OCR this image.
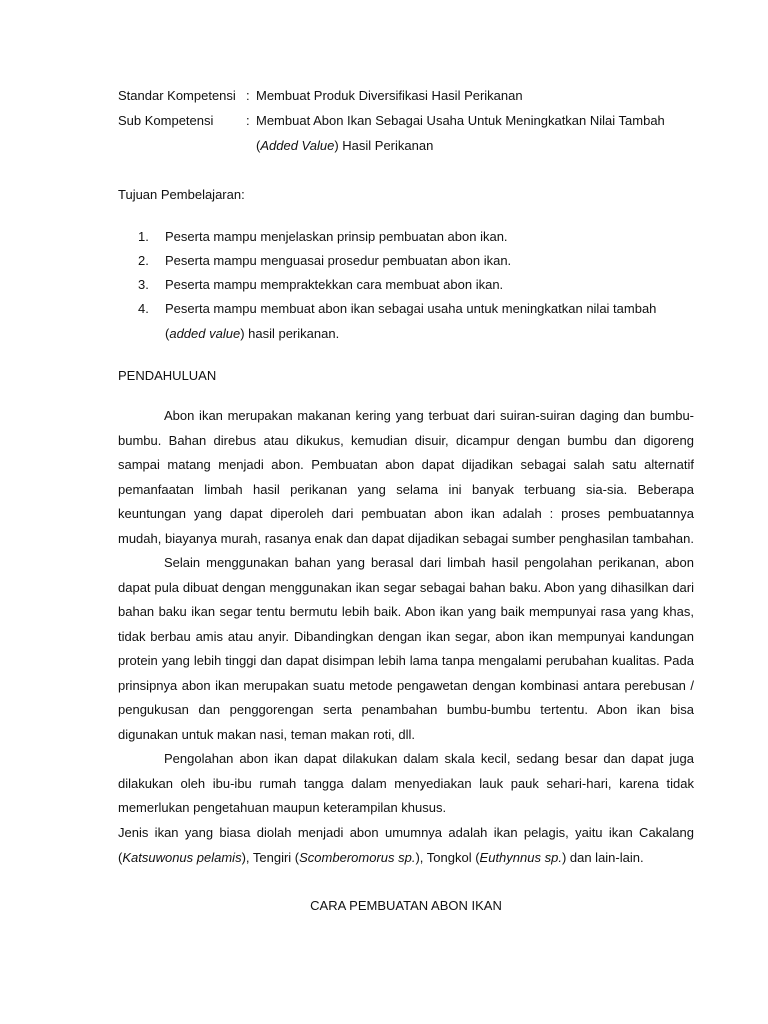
Standar Kompetensi : Membuat Produk Diversifikasi Hasil Perikanan
Sub Kompetensi	: Membuat Abon Ikan Sebagai Usaha Untuk Meningkatkan Nilai Tambah
(Added Value) Hasil Perikanan
Tujuan Pembelajaran:
1. Peserta mampu menjelaskan prinsip pembuatan abon ikan.
2. Peserta mampu menguasai prosedur pembuatan abon ikan.
3. Peserta mampu mempraktekkan cara membuat abon ikan.
4. Peserta mampu membuat abon ikan sebagai usaha untuk meningkatkan nilai tambah
(added value) hasil perikanan.
PENDAHULUAN

Abon ikan merupakan makanan kering yang terbuat dari suiran-suiran daging dan bumbu-bumbu. Bahan direbus atau dikukus, kemudian disuir, dicampur dengan bumbu dan digoreng sampai matang menjadi abon. Pembuatan abon dapat dijadikan sebagai salah satu alternatif pemanfaatan limbah hasil perikanan yang selama ini banyak terbuang sia-sia. Beberapa keuntungan yang dapat diperoleh dari pembuatan abon ikan adalah : proses pembuatannya mudah, biayanya murah, rasanya enak dan dapat dijadikan sebagai sumber penghasilan tambahan.

Selain menggunakan bahan yang berasal dari limbah hasil pengolahan perikanan, abon dapat pula dibuat dengan menggunakan ikan segar sebagai bahan baku. Abon yang dihasilkan dari bahan baku ikan segar tentu bermutu lebih baik. Abon ikan yang baik mempunyai rasa yang khas, tidak berbau amis atau anyir. Dibandingkan dengan ikan segar, abon ikan mempunyai kandungan protein yang lebih tinggi dan dapat disimpan lebih lama tanpa mengalami perubahan kualitas. Pada prinsipnya abon ikan merupakan suatu metode pengawetan dengan kombinasi antara perebusan / pengukusan dan penggorengan serta penambahan bumbu-bumbu tertentu. Abon ikan bisa digunakan untuk makan nasi, teman makan roti, dll.

Pengolahan abon ikan dapat dilakukan dalam skala kecil, sedang besar dan dapat juga dilakukan oleh ibu-ibu rumah tangga dalam menyediakan lauk pauk sehari-hari, karena tidak memerlukan pengetahuan maupun keterampilan khusus.

Jenis ikan yang biasa diolah menjadi abon umumnya adalah ikan pelagis, yaitu ikan Cakalang (Katsuwonus pelamis), Tengiri (Scomberomorus sp.), Tongkol (Euthynnus sp.) dan lain-lain.

CARA PEMBUATAN ABON IKAN
